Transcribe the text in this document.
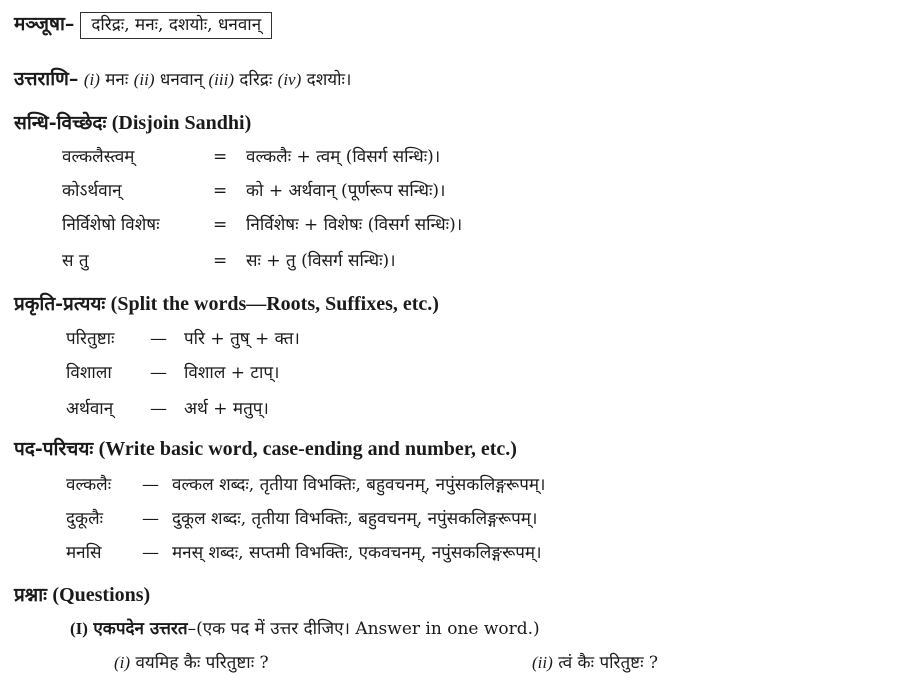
मञ्जूषा– दरिद्रः, मनः, दशयोः, धनवान्
उत्तराणि– (i) मनः (ii) धनवान् (iii) दरिद्रः (iv) दशयोः।
सन्धि-विच्छेदः (Disjoin Sandhi)
वल्कलैस्त्वम्	= वल्कलैः + त्वम् (विसर्ग सन्धिः)।
कोऽर्थवान्	= को + अर्थवान् (पूर्णरूप सन्धिः)।
निर्विशेषो विशेषः	= निर्विशेषः + विशेषः (विसर्ग सन्धिः)।
स तु	= सः + तु (विसर्ग सन्धिः)।
प्रकृति-प्रत्ययः (Split the words—Roots, Suffixes, etc.)
परितुष्टाः — परि + तुष् + क्त।
विशाला — विशाल + टाप्।
अर्थवान् — अर्थ + मतुप्।
पद-परिचयः (Write basic word, case-ending and number, etc.)
वल्कलैः — वल्कल शब्दः, तृतीया विभक्तिः, बहुवचनम्, नपुंसकलिङ्गरूपम्।
दुकूलैः — दुकूल शब्दः, तृतीया विभक्तिः, बहुवचनम्, नपुंसकलिङ्गरूपम्।
मनसि — मनस् शब्दः, सप्तमी विभक्तिः, एकवचनम्, नपुंसकलिङ्गरूपम्।
प्रश्नाः (Questions)
(I) एकपदेन उत्तरत–(एक पद में उत्तर दीजिए। Answer in one word.)
(i) वयमिह कैः परितुष्टाः ?	(ii) त्वं कैः परितुष्टः ?
